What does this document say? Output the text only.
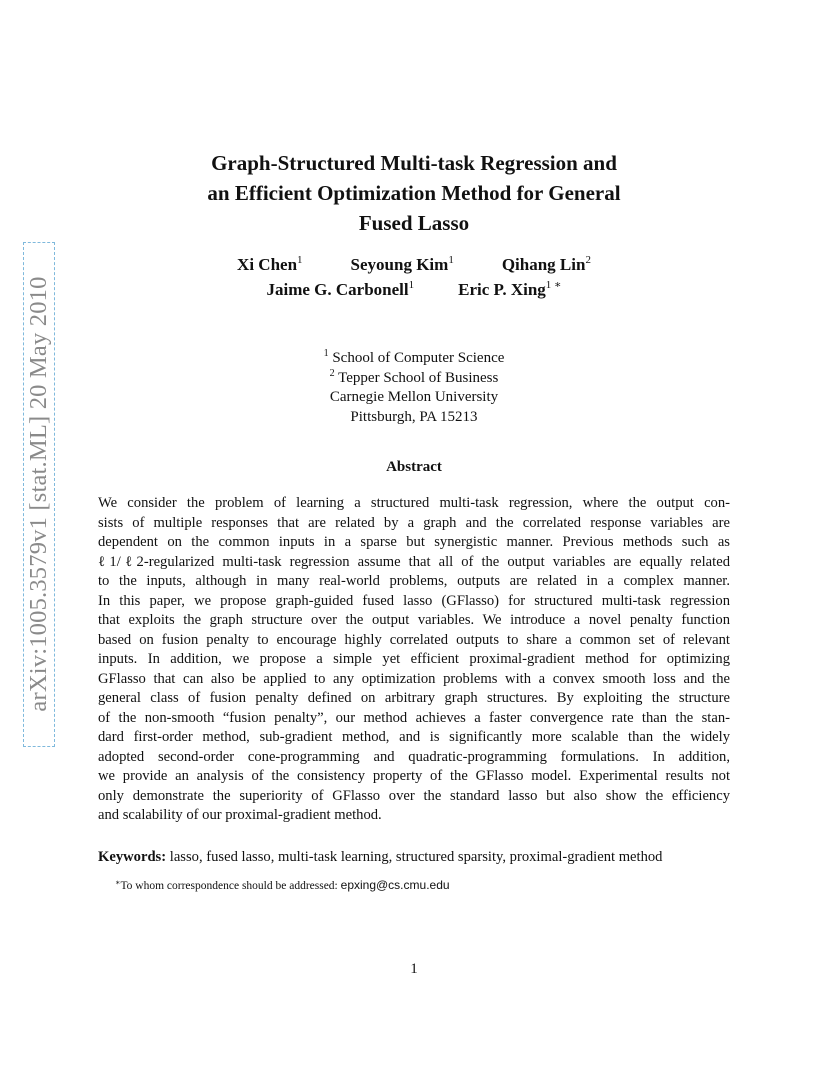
arXiv:1005.3579v1 [stat.ML] 20 May 2010
Graph-Structured Multi-task Regression and
an Efficient Optimization Method for General
Fused Lasso
Xi Chen$^1$	Seyoung Kim$^1$	Qihang Lin$^2$
Jaime G. Carbonell$^1$	Eric P. Xing$^{1 ∗}$
$^1$ School of Computer Science
$^2$ Tepper School of Business
Carnegie Mellon University
Pittsburgh, PA 15213
Abstract
We consider the problem of learning a structured multi-task regression, where the output con-
sists of multiple responses that are related by a graph and the correlated response variables are
dependent on the common inputs in a sparse but synergistic manner. Previous methods such as
ℓ1/ℓ2-regularized multi-task regression assume that all of the output variables are equally related
to the inputs, although in many real-world problems, outputs are related in a complex manner.
In this paper, we propose graph-guided fused lasso (GFlasso) for structured multi-task regression
that exploits the graph structure over the output variables. We introduce a novel penalty function
based on fusion penalty to encourage highly correlated outputs to share a common set of relevant
inputs. In addition, we propose a simple yet efficient proximal-gradient method for optimizing
GFlasso that can also be applied to any optimization problems with a convex smooth loss and the
general class of fusion penalty defined on arbitrary graph structures. By exploiting the structure
of the non-smooth “fusion penalty”, our method achieves a faster convergence rate than the stan-
dard first-order method, sub-gradient method, and is significantly more scalable than the widely
adopted second-order cone-programming and quadratic-programming formulations. In addition,
we provide an analysis of the consistency property of the GFlasso model. Experimental results not
only demonstrate the superiority of GFlasso over the standard lasso but also show the efficiency
and scalability of our proximal-gradient method.
Keywords: lasso, fused lasso, multi-task learning, structured sparsity, proximal-gradient method
∗To whom correspondence should be addressed: epxing@cs.cmu.edu
1
